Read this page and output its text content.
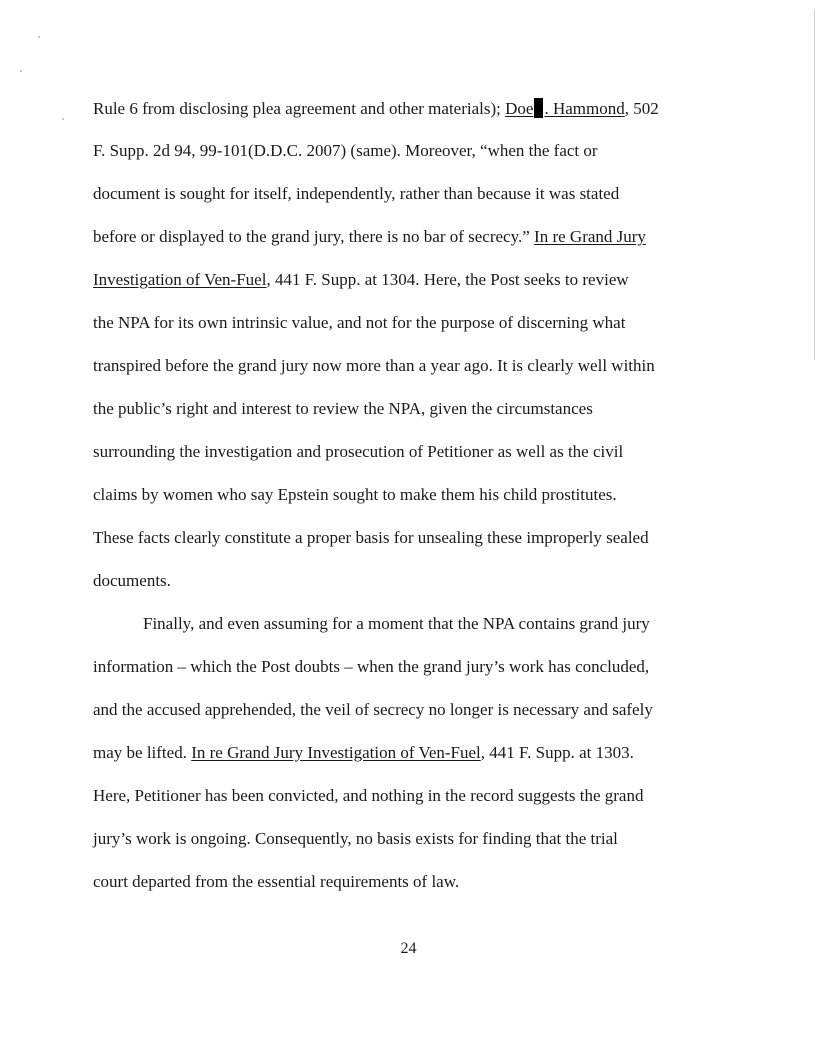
Rule 6 from disclosing plea agreement and other materials); Doe . Hammond, 502

F. Supp. 2d 94, 99-101(D.D.C. 2007) (same). Moreover, “when the fact or

document is sought for itself, independently, rather than because it was stated

before or displayed to the grand jury, there is no bar of secrecy.” In re Grand Jury

Investigation of Ven-Fuel, 441 F. Supp. at 1304. Here, the Post seeks to review

the NPA for its own intrinsic value, and not for the purpose of discerning what

transpired before the grand jury now more than a year ago. It is clearly well within

the public’s right and interest to review the NPA, given the circumstances

surrounding the investigation and prosecution of Petitioner as well as the civil

claims by women who say Epstein sought to make them his child prostitutes.

These facts clearly constitute a proper basis for unsealing these improperly sealed

documents.

Finally, and even assuming for a moment that the NPA contains grand jury

information – which the Post doubts – when the grand jury’s work has concluded,

and the accused apprehended, the veil of secrecy no longer is necessary and safely

may be lifted. In re Grand Jury Investigation of Ven-Fuel, 441 F. Supp. at 1303.

Here, Petitioner has been convicted, and nothing in the record suggests the grand

jury’s work is ongoing. Consequently, no basis exists for finding that the trial

court departed from the essential requirements of law.

24
